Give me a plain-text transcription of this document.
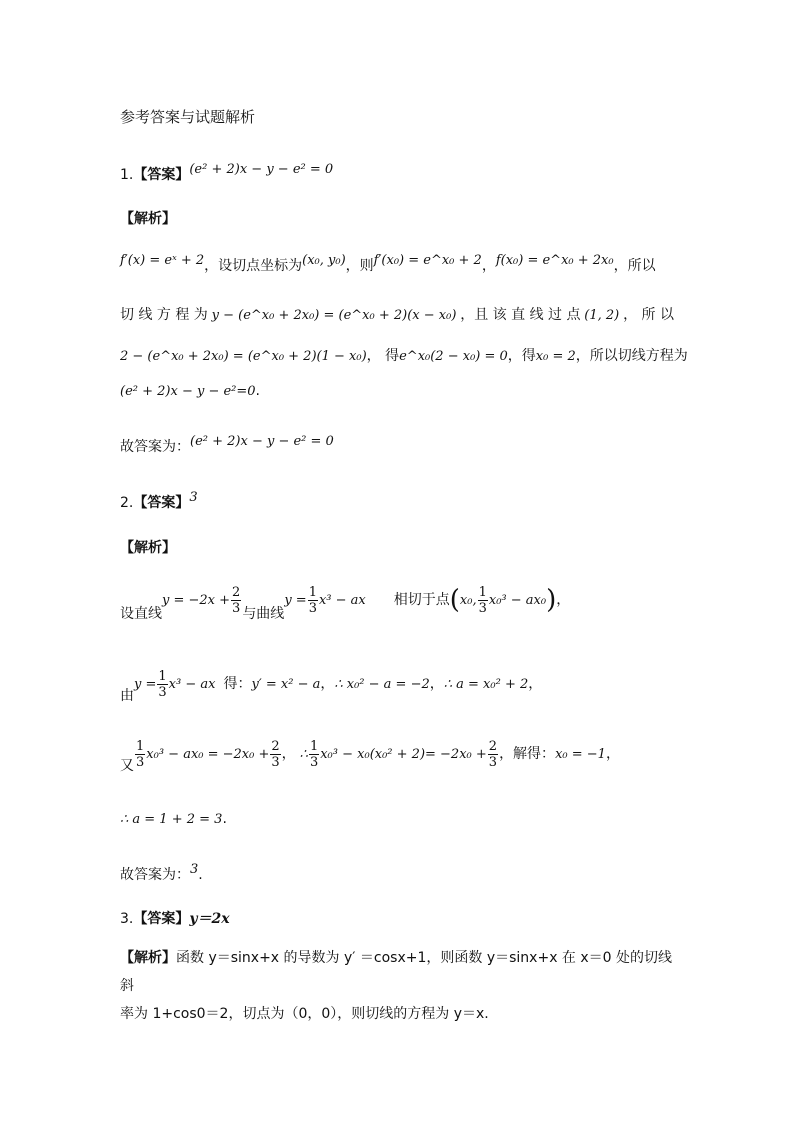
参考答案与试题解析
1.【答案】(e² + 2)x − y − e² = 0
【解析】
f′(x) = eˣ + 2，设切点坐标为(x₀, y₀)，则f′(x₀) = e^x₀ + 2，f(x₀) = e^x₀ + 2x₀，所以
切 线 方 程 为 y − (e^x₀ + 2x₀) = (e^x₀ + 2)(x − x₀) ，且 该 直 线 过 点 (1, 2) ， 所 以
2 − (e^x₀ + 2x₀) = (e^x₀ + 2)(1 − x₀) ， 得 e^x₀(2 − x₀) = 0 ，得 x₀ = 2 ，所以切线方程为
(e² + 2)x − y − e²=0.
故答案为：(e² + 2)x − y − e² = 0
2.【答案】3
【解析】
设直线$y = -2x + \frac{2}{3}$ 与曲线$y = \frac{1}{3} x^3$ − ax 相切于点(x₀, $\frac{1}{3} x_0^3 - ax_0$)，
由$y = \frac{1}{3} x^3$ − ax 得：y′ = x² − a，∴ x₀² − a = −2，∴ a = x₀² + 2，
又 $\frac{1}{3} x_0^3 - ax_0 = -2x_0 + \frac{2}{3}$ ， ∴ $\frac{1}{3} x_0^3 - x_0(x_0^2 + 2)= -2x_0 + \frac{2}{3}$ ，解得：x₀ = −1，
∴ a = 1 + 2 = 3.
故答案为：3.
3.【答案】y＝2x
【解析】函数 y＝sinx+x 的导数为 y′ ＝cosx+1，则函数 y＝sinx+x 在 x＝0 处的切线斜
率为 1+cos0＝2，切点为（0，0），则切线的方程为 y＝x.
